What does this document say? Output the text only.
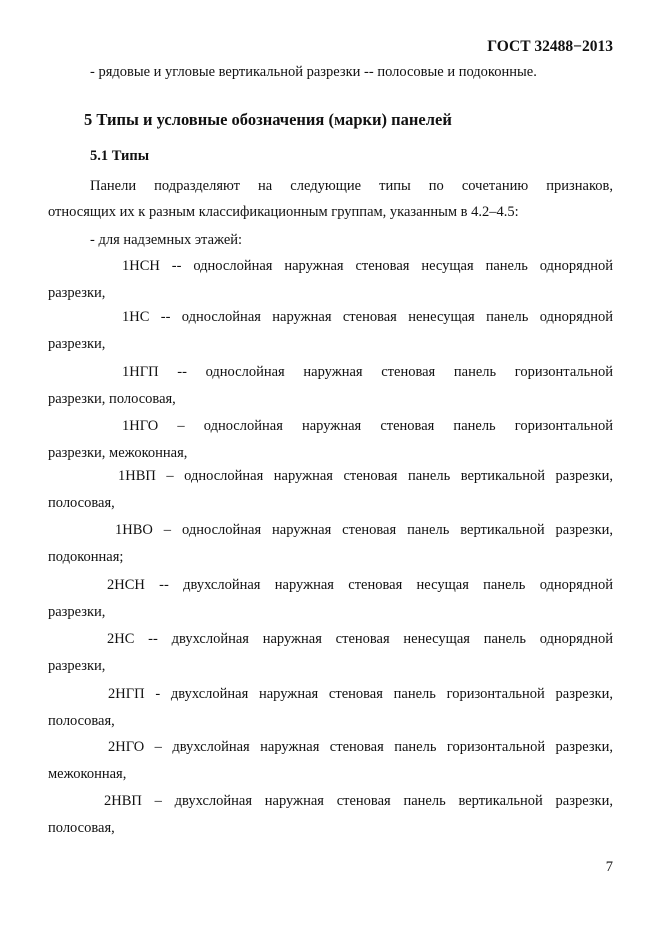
ГОСТ 32488−2013
- рядовые и угловые вертикальной разрезки -- полосовые и подоконные.
5 Типы и условные обозначения (марки) панелей
5.1 Типы
Панели подразделяют на следующие типы по сочетанию признаков,
относящих их к разным классификационным группам, указанным в 4.2–4.5:
- для надземных этажей:
1НСН -- однослойная наружная стеновая несущая панель однорядной
разрезки,
1НС -- однослойная наружная стеновая ненесущая панель однорядной
разрезки,
1НГП -- однослойная наружная стеновая панель горизонтальной
разрезки, полосовая,
1НГО – однослойная наружная стеновая панель горизонтальной
разрезки, межоконная,
1НВП – однослойная наружная стеновая панель вертикальной разрезки,
полосовая,
1НВО – однослойная наружная стеновая панель вертикальной разрезки,
подоконная;
2НСН -- двухслойная наружная стеновая несущая панель однорядной
разрезки,
2НС -- двухслойная наружная стеновая ненесущая панель однорядной
разрезки,
2НГП - двухслойная наружная стеновая панель горизонтальной разрезки,
полосовая,
2НГО – двухслойная наружная стеновая панель горизонтальной разрезки,
межоконная,
2НВП – двухслойная наружная стеновая панель вертикальной разрезки,
полосовая,
7
